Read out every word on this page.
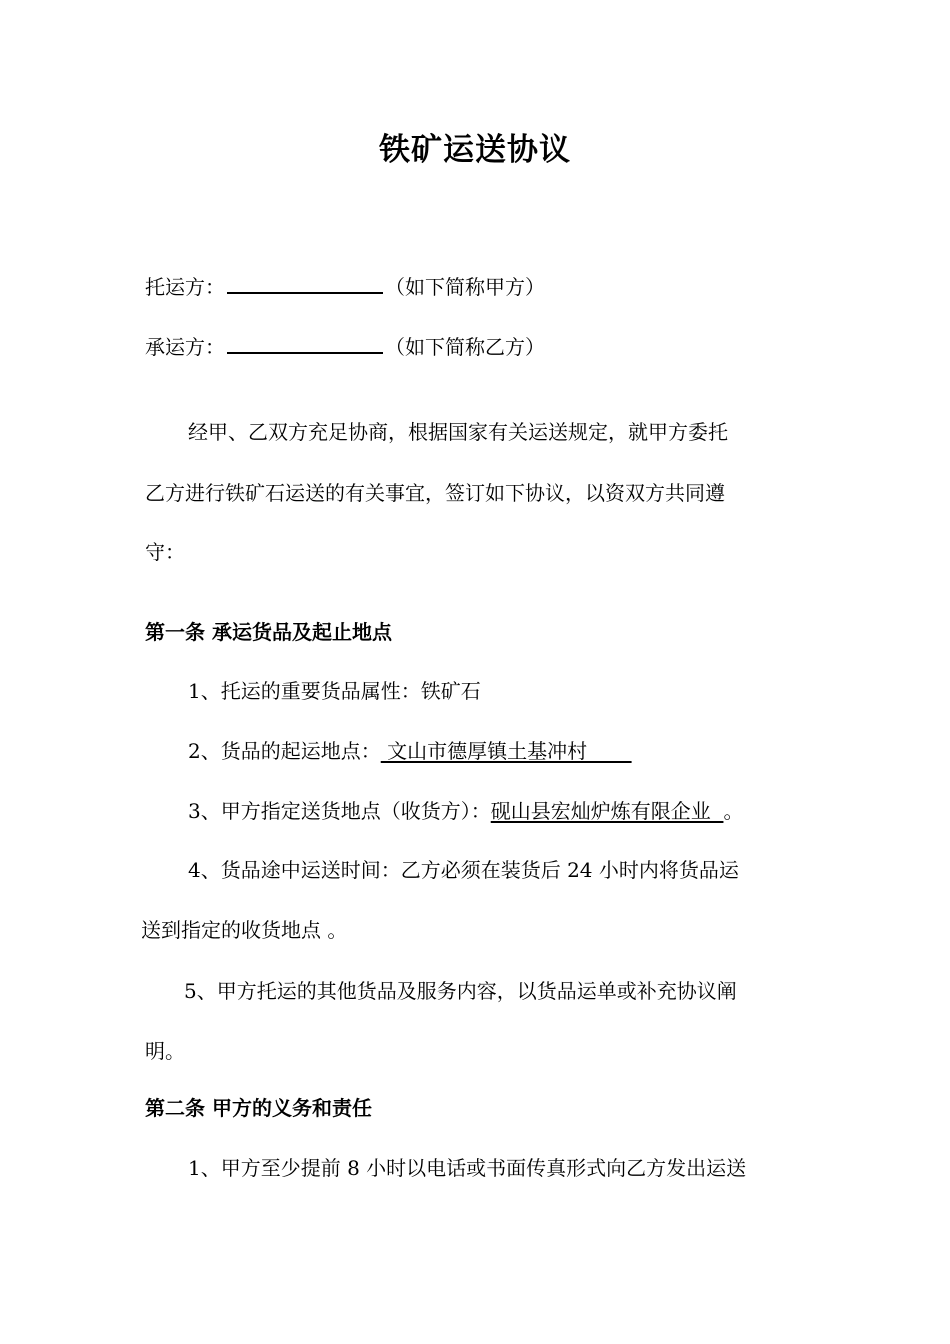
铁矿运送协议
托运方：	（如下简称甲方）
承运方：	（如下简称乙方）
经甲、乙双方充足协商，根据国家有关运送规定，就甲方委托
乙方进行铁矿石运送的有关事宜，签订如下协议，以资双方共同遵
守：
第一条 承运货品及起止地点
1、托运的重要货品属性：铁矿石
2、货品的起运地点： 文山市德厚镇土基冲村
3、甲方指定送货地点（收货方）：砚山县宏灿炉炼有限企业  。
4、货品途中运送时间：乙方必须在装货后 24 小时内将货品运
送到指定的收货地点 。
5、甲方托运的其他货品及服务内容，以货品运单或补充协议阐
明。
第二条 甲方的义务和责任
1、甲方至少提前 8 小时以电话或书面传真形式向乙方发出运送
